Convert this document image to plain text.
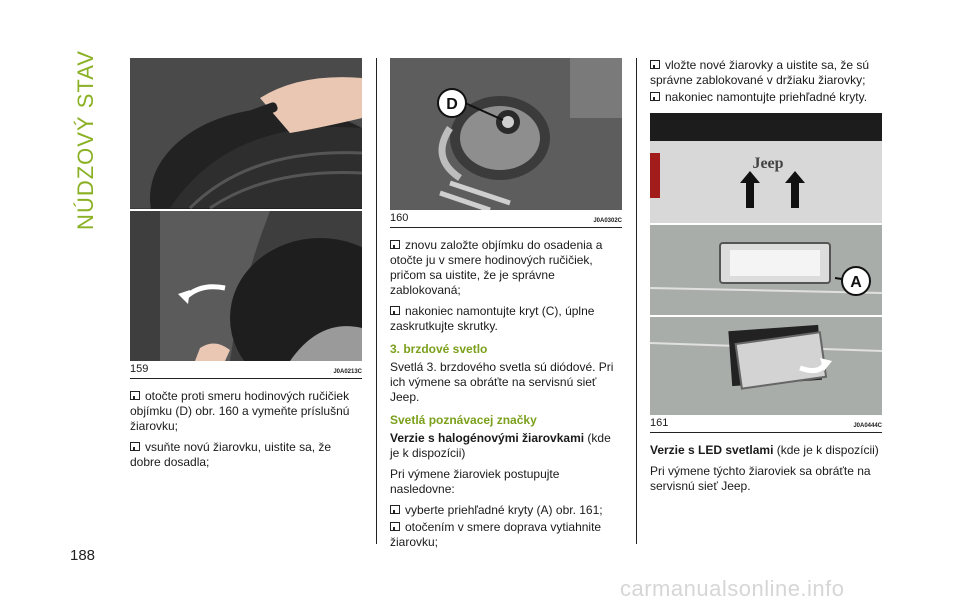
NÚDZOVÝ STAV
188
159	J0A0213C

otočte proti smeru hodinových ručičiek objímku (D) obr. 160 a vymeňte príslušnú žiarovku;

vsuňte novú žiarovku, uistite sa, že dobre dosadla;

D
160	J0A0302C

znovu založte objímku do osadenia a otočte ju v smere hodinových ručičiek, pričom sa uistite, že je správne zablokovaná;

nakoniec namontujte kryt (C), úplne zaskrutkujte skrutky.

3. brzdové svetlo

Svetlá 3. brzdového svetla sú diódové. Pri ich výmene sa obráťte na servisnú sieť Jeep.

Svetlá poznávacej značky

Verzie s halogénovými žiarovkami (kde je k dispozícii)

Pri výmene žiaroviek postupujte nasledovne:

vyberte priehľadné kryty (A) obr. 161;

otočením v smere doprava vytiahnite žiarovku;

vložte nové žiarovky a uistite sa, že sú správne zablokované v držiaku žiarovky;

nakoniec namontujte priehľadné kryty.

Jeep
A
161	J0A0444C

Verzie s LED svetlami (kde je k dispozícii)

Pri výmene týchto žiaroviek sa obráťte na servisnú sieť Jeep.

carmanualsonline.info
